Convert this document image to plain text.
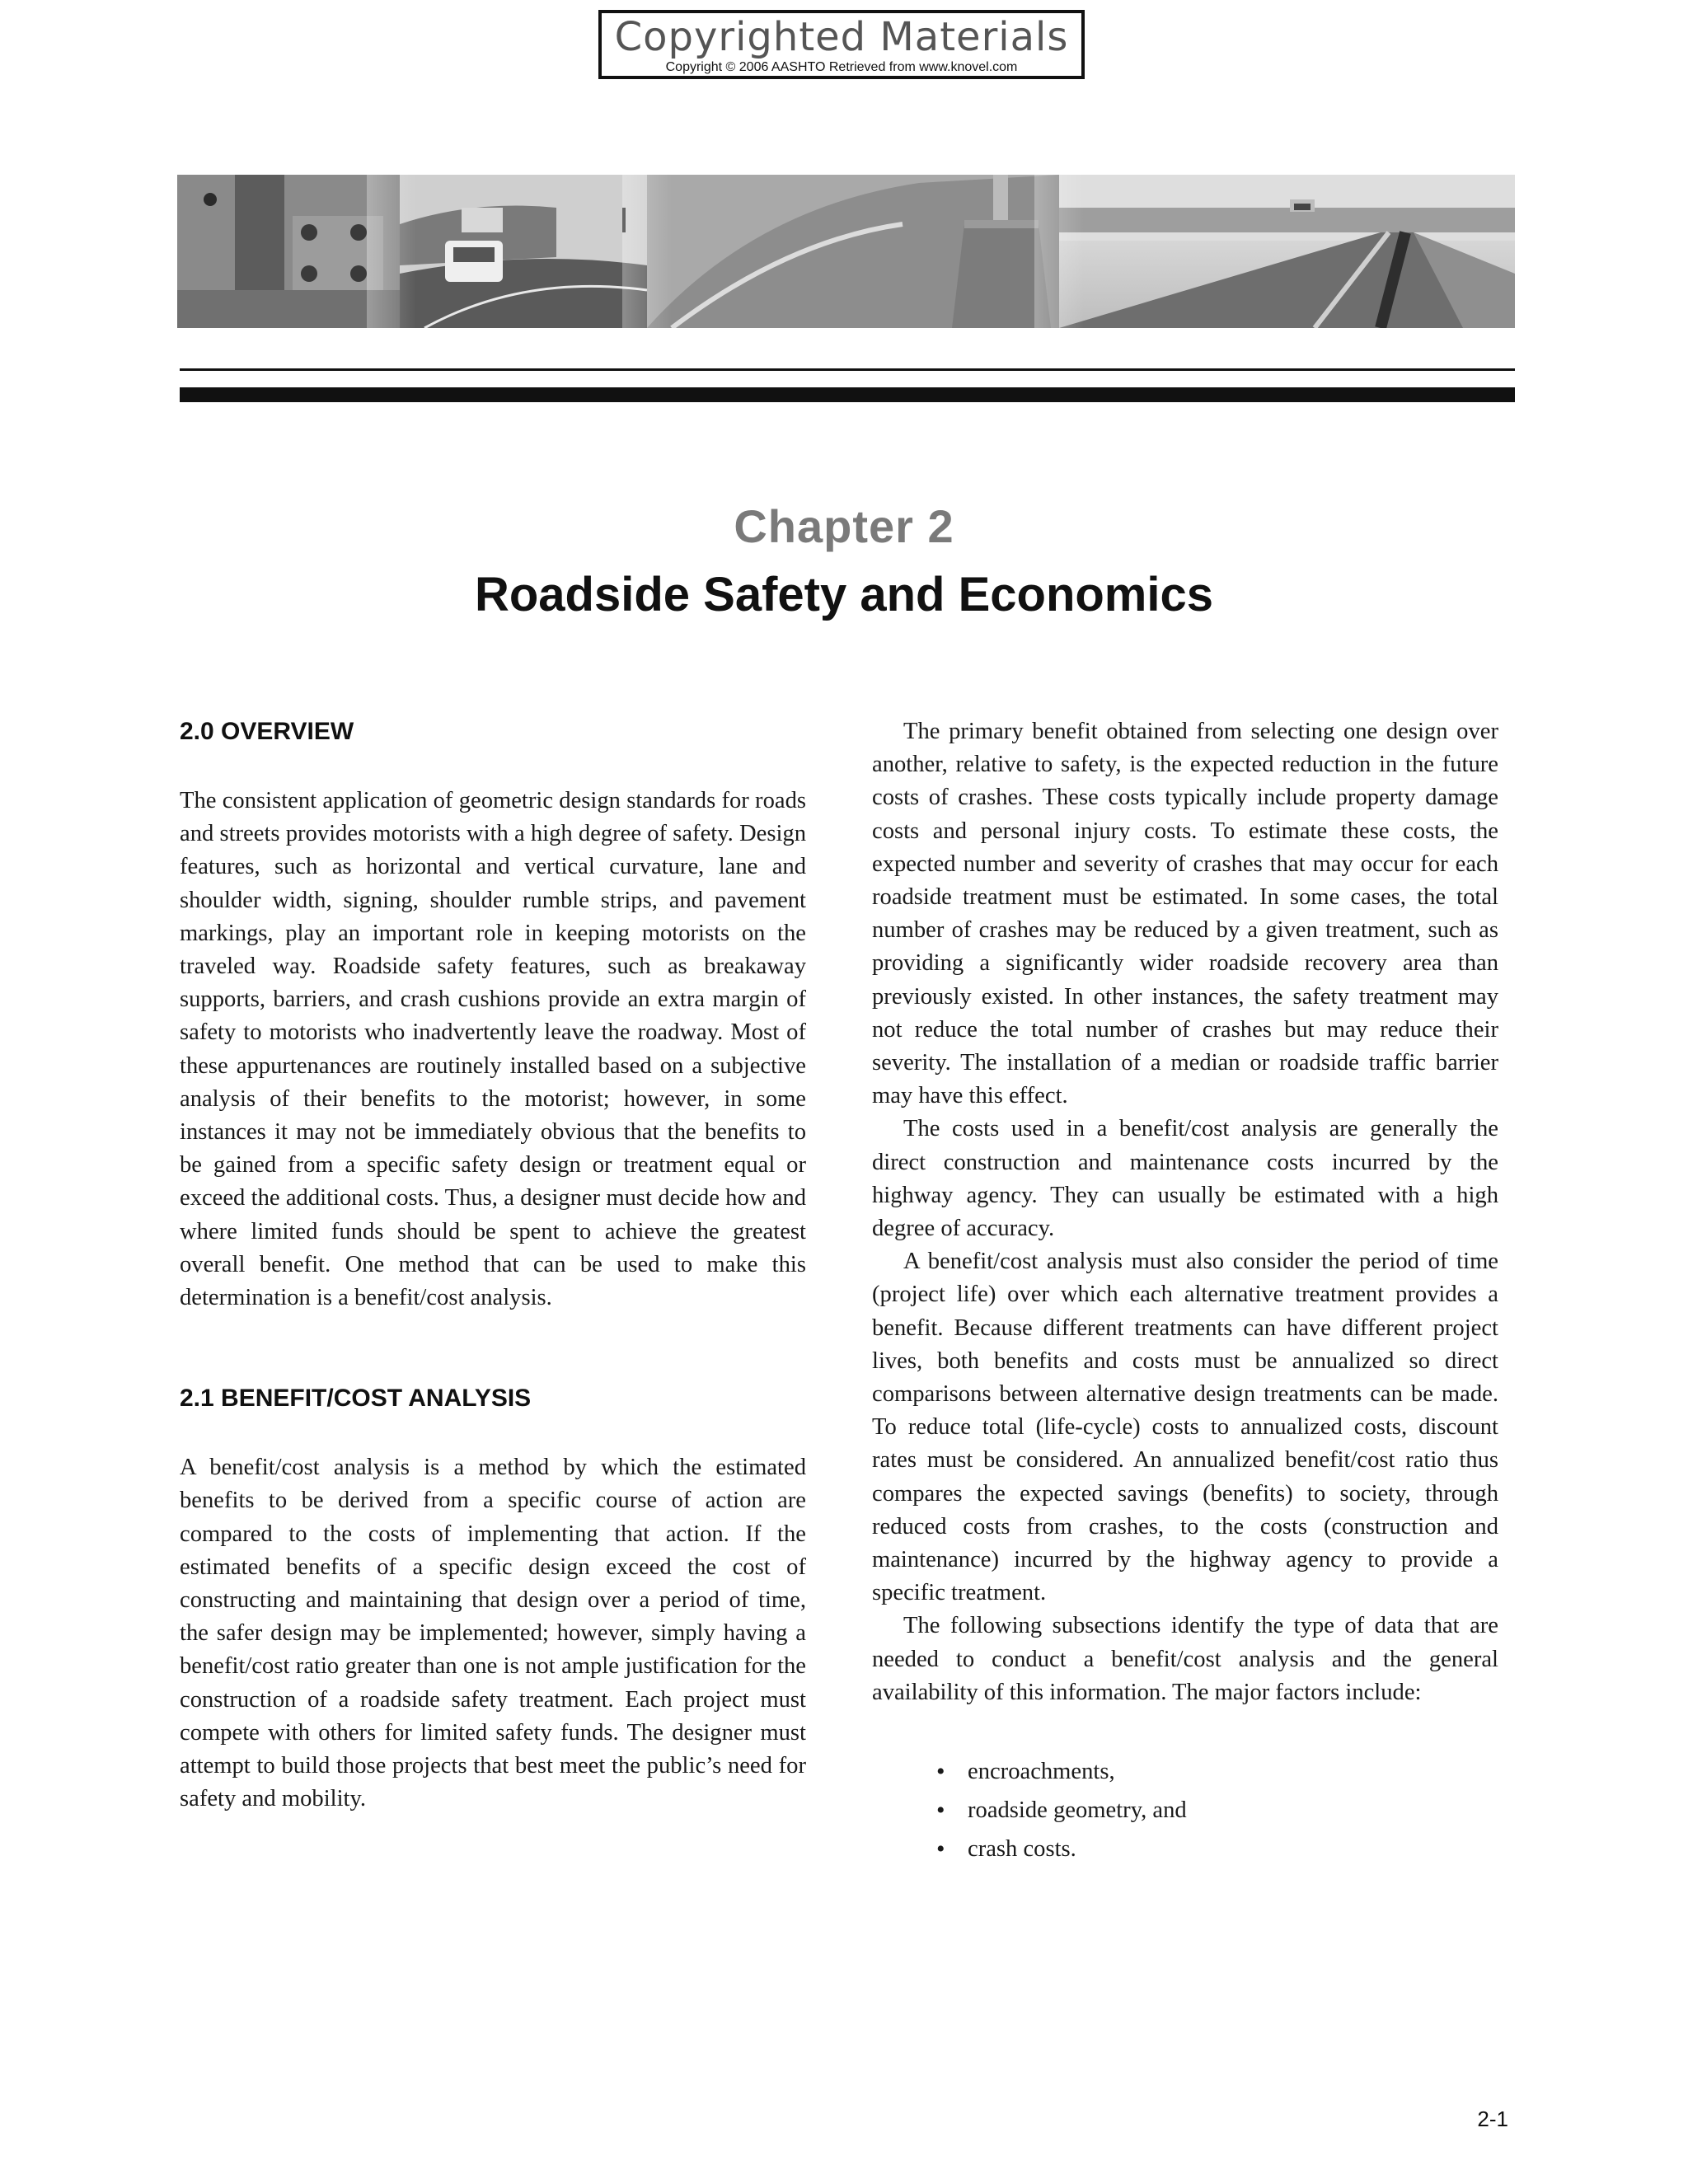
Copyrighted Materials
Copyright © 2006 AASHTO Retrieved from www.knovel.com
Chapter 2
Roadside Safety and Economics

2.0 OVERVIEW

The consistent application of geometric design standards for roads and streets provides motorists with a high degree of safety. Design features, such as horizontal and vertical curvature, lane and shoulder width, signing, shoulder rumble strips, and pavement markings, play an important role in keeping motorists on the traveled way. Roadside safety features, such as breakaway supports, barriers, and crash cushions provide an extra margin of safety to motorists who inadvertently leave the roadway. Most of these appurtenances are routinely installed based on a subjective analysis of their benefits to the motorist; however, in some instances it may not be immediately obvious that the benefits to be gained from a specific safety design or treatment equal or exceed the additional costs. Thus, a designer must decide how and where limited funds should be spent to achieve the greatest overall benefit. One method that can be used to make this determination is a benefit/cost analysis.

2.1 BENEFIT/COST ANALYSIS

A benefit/cost analysis is a method by which the estimated benefits to be derived from a specific course of action are compared to the costs of implementing that action. If the estimated benefits of a specific design exceed the cost of constructing and maintaining that design over a period of time, the safer design may be implemented; however, simply having a benefit/cost ratio greater than one is not ample justification for the construction of a roadside safety treatment. Each project must compete with others for limited safety funds. The designer must attempt to build those projects that best meet the public’s need for safety and mobility.

The primary benefit obtained from selecting one design over another, relative to safety, is the expected reduction in the future costs of crashes. These costs typically include property damage costs and personal injury costs. To estimate these costs, the expected number and severity of crashes that may occur for each roadside treatment must be estimated. In some cases, the total number of crashes may be reduced by a given treatment, such as providing a significantly wider roadside recovery area than previously existed. In other instances, the safety treatment may not reduce the total number of crashes but may reduce their severity. The installation of a median or roadside traffic barrier may have this effect.

The costs used in a benefit/cost analysis are generally the direct construction and maintenance costs incurred by the highway agency. They can usually be estimated with a high degree of accuracy.

A benefit/cost analysis must also consider the period of time (project life) over which each alternative treatment provides a benefit. Because different treatments can have different project lives, both benefits and costs must be annualized so direct comparisons between alternative design treatments can be made. To reduce total (life-cycle) costs to annualized costs, discount rates must be considered. An annualized benefit/cost ratio thus compares the expected savings (benefits) to society, through reduced costs from crashes, to the costs (construction and maintenance) incurred by the highway agency to provide a specific treatment.

The following subsections identify the type of data that are needed to conduct a benefit/cost analysis and the general availability of this information. The major factors include:

• encroachments,
• roadside geometry, and
• crash costs.
2-1
